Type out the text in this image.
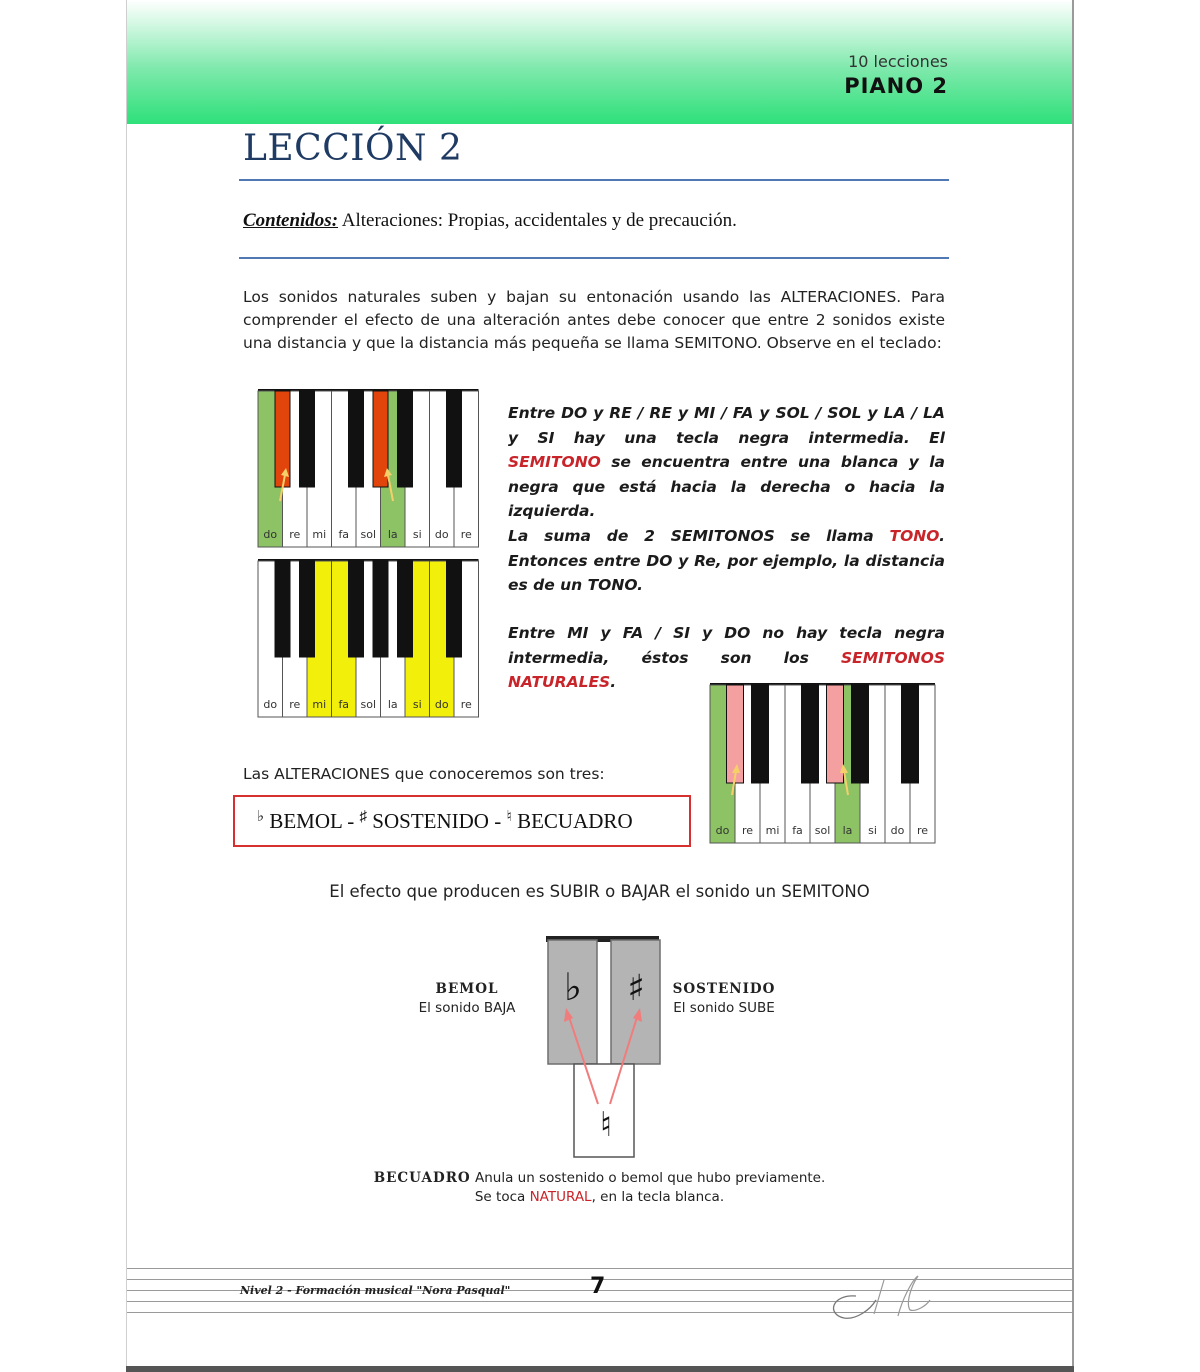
10 lecciones
PIANO 2
LECCIÓN 2
Contenidos: Alteraciones: Propias, accidentales y de precaución.
Los sonidos naturales suben y bajan su entonación usando las ALTERACIONES. Para comprender el efecto de una alteración antes debe conocer que entre 2 sonidos existe una distancia y que la distancia más pequeña se llama SEMITONO. Observe en el teclado:
do re mi fa sol la si do re
do re mi fa sol la si do re
do re mi fa sol la si do re
Entre DO y RE / RE y MI / FA y SOL / SOL y LA / LA y SI hay una tecla negra intermedia. El SEMITONO se encuentra entre una blanca y la negra que está hacia la derecha o hacia la izquierda.
La suma de 2 SEMITONOS se llama TONO. Entonces entre DO y Re, por ejemplo, la distancia es de un TONO.
Entre MI y FA / SI y DO no hay tecla negra intermedia, éstos son los SEMITONOS NATURALES.
Las ALTERACIONES que conoceremos son tres:
♭ BEMOL - ♯ SOSTENIDO - ♮ BECUADRO
El efecto que producen es SUBIR o BAJAR el sonido un SEMITONO
♭ ♯
♮
BEMOL
El sonido BAJA
SOSTENIDO
El sonido SUBE
BECUADRO Anula un sostenido o bemol que hubo previamente.
Se toca NATURAL, en la tecla blanca.
Nivel 2 - Formación musical "Nora Pasqual"	7
